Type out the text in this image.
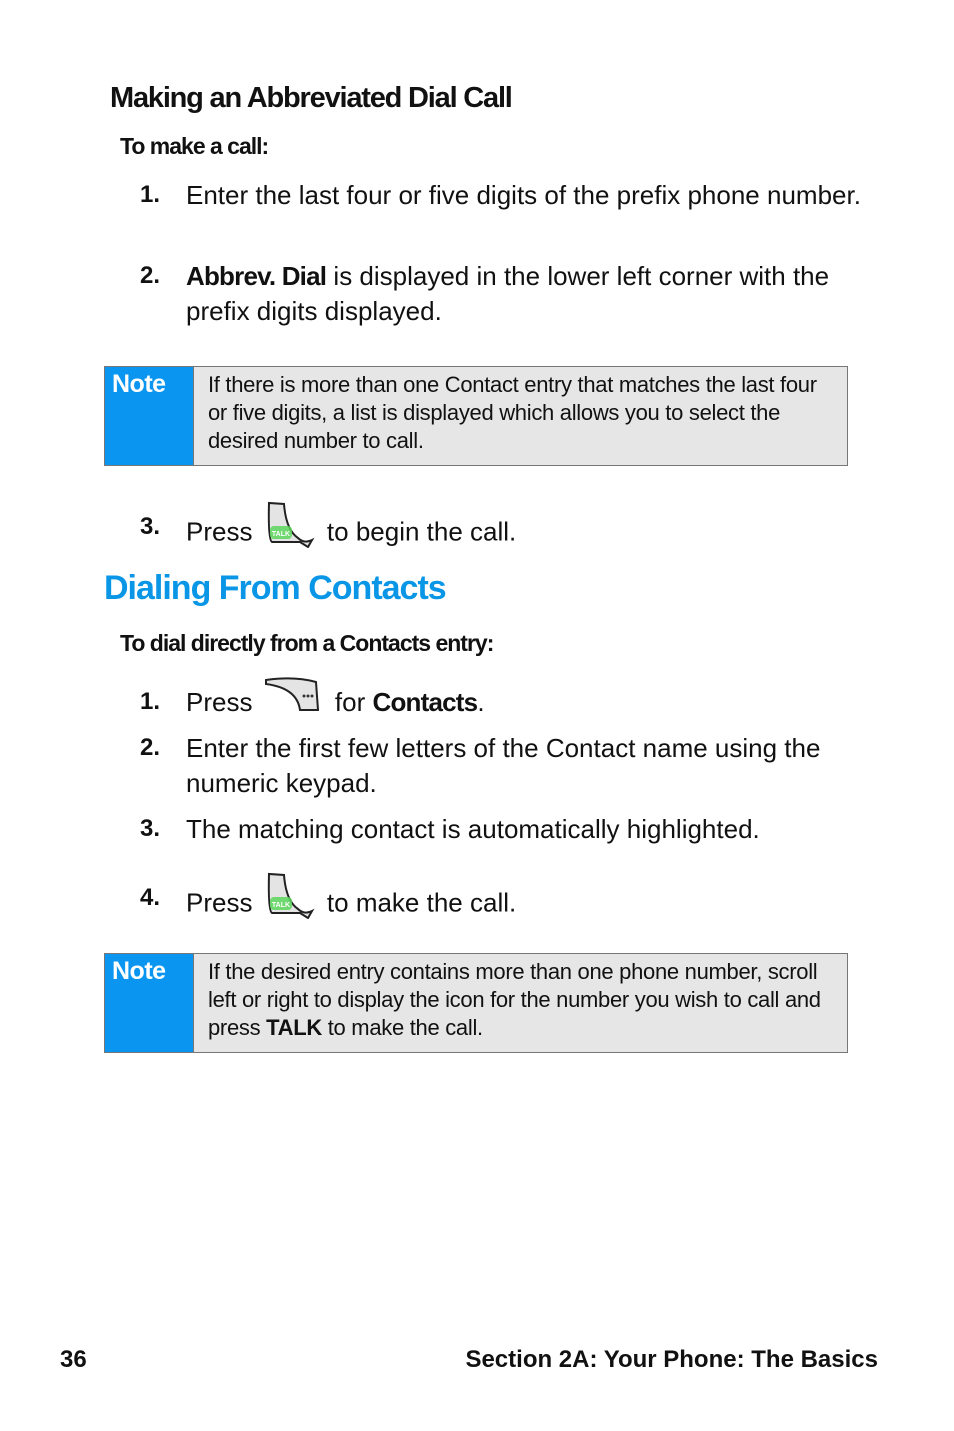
Making an Abbreviated Dial Call
To make a call:
1. Enter the last four or five digits of the prefix phone number.
2. Abbrev. Dial is displayed in the lower left corner with the prefix digits displayed.
Note	If there is more than one Contact entry that matches the last four or five digits, a list is displayed which allows you to select the desired number to call.
3. Press TALK to begin the call.
Dialing From Contacts
To dial directly from a Contacts entry:
1. Press	for Contacts.
2. Enter the first few letters of the Contact name using the numeric keypad.
3. The matching contact is automatically highlighted.
4. Press TALK to make the call.
Note	If the desired entry contains more than one phone number, scroll left or right to display the icon for the number you wish to call and press TALK to make the call.
36	Section 2A: Your Phone: The Basics
